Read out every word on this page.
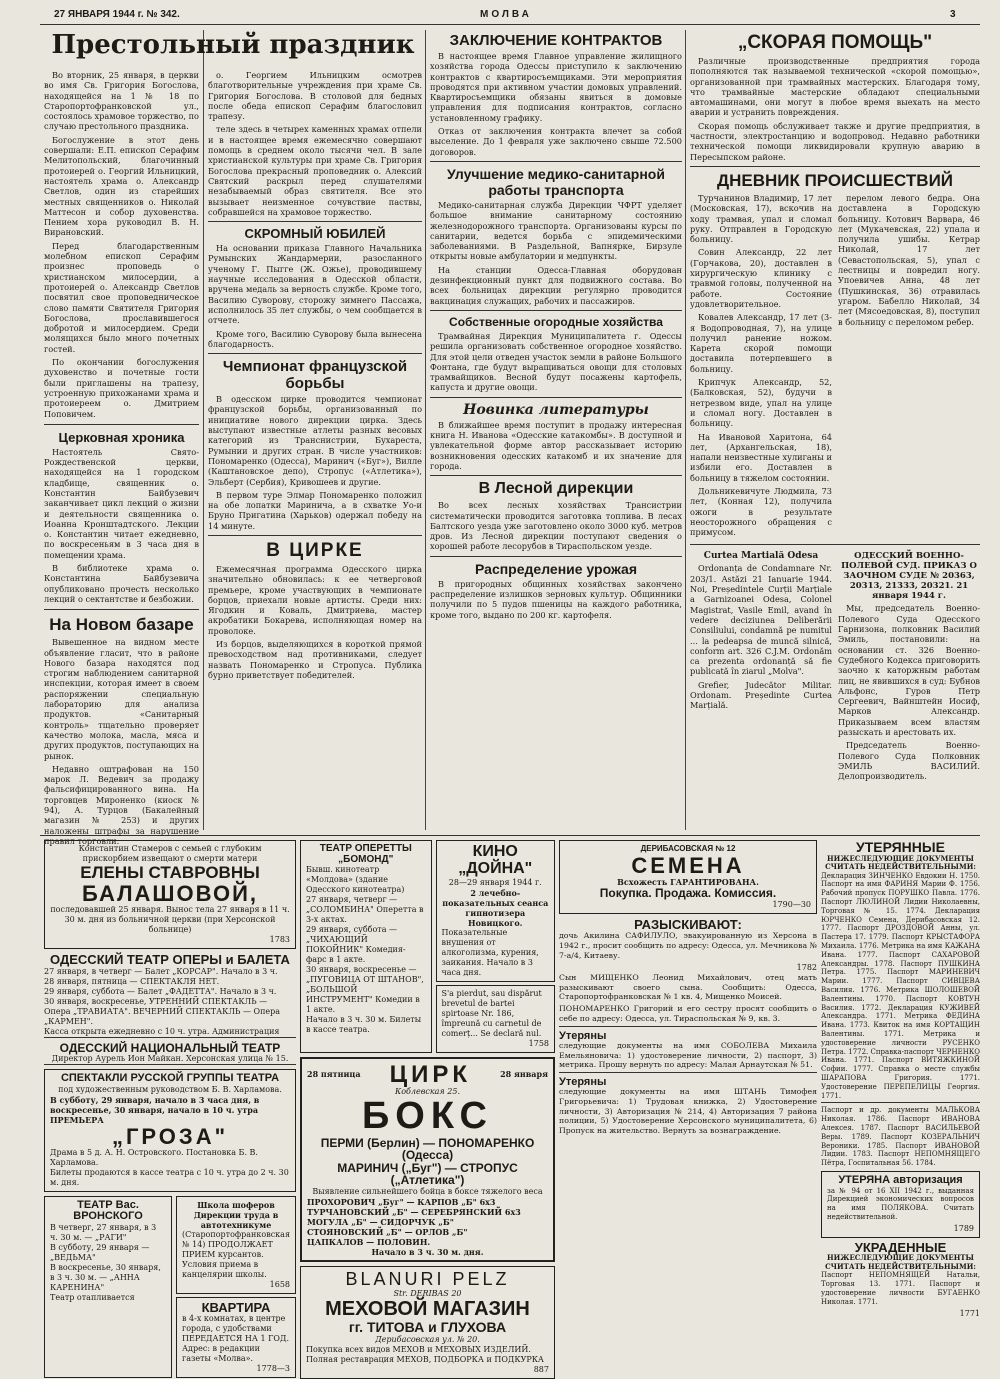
27 ЯНВАРЯ 1944 г. № 342.	МОЛВА	3
Престольный праздник

Во вторник, 25 января, в церкви во имя Св. Григория Богослова, находящейся на 1 № 18 по Старопортофранковской ул., состоялось храмовое торжество, по случаю престольного праздника.

Богослужение в этот день совершали: Е.П. епископ Серафим Мелитопольский, благочинный протоиерей о. Георгий Ильницкий, настоятель храма о. Александр Светлов, один из старейших местных священников о. Николай Маттесон и собор духовенства. Пением хора руководил В. Н. Вирановский.

Перед благодарственным молебном епископ Серафим произнес проповедь о христианском милосердии, а протоиерей о. Александр Светлов посвятил свое проповедническое слово памяти Святителя Григория Богослова, прославившегося добротой и милосердием. Среди молящихся было много почетных гостей.

По окончании богослужения духовенство и почетные гости были приглашены на трапезу, устроенную прихожанами храма и протоиереем о. Дмитрием Поповичем.

Церковная хроника

Настоятель Свято-Рождественской церкви, находящейся на 1 городском кладбище, священник о. Константин Байбузевич заканчивает цикл лекций о жизни и деятельности священника о. Иоанна Кронштадтского. Лекции о. Константин читает ежедневно, по воскресеньям в 3 часа дня в помещении храма.

В библиотеке храма о. Константина Байбузевича опубликовано прочесть несколько лекций о сектантстве и безбожии.

На Новом базаре

Вывешенное на видном месте объявление гласит, что в районе Нового базара находятся под строгим наблюдением санитарной инспекции, которая имеет в своем распоряжении специальную лабораторию для анализа продуктов. «Санитарный контроль» тщательно проверяет качество молока, масла, мяса и других продуктов, поступающих на рынок.

Недавно оштрафован на 150 марок Л. Ведевич за продажу фальсифицированного вина. На торговцев Мироненко (киоск № 94), А. Турцов (Бакалейный магазин № 253) и других наложены штрафы за нарушение правил торговли.

о. Георгием Ильницким осмотрев благотворительные учреждения при храме Св. Григория Богослова. В столовой для бедных после обеда епископ Серафим благословил трапезу.

теле здесь в четырех каменных храмах отпели и в настоящее время ежемесячно совершают помощь в среднем около тысячи чел. В зале христианской культуры при храме Св. Григория Богослова прекрасный проповедник о. Алексий Святский раскрыл перед слушателями незабываемый образ святителя. Все это вызывает неизменное сочувствие паствы, собравшейся на храмовое торжество.

СКРОМНЫЙ ЮБИЛЕЙ

На основании приказа Главного Начальника Румынских Жандармерии, разосланного ученому Г. Пыгге (Ж. Ожье), проводившему научные исследования в Одесской области, вручена медаль за верность службе. Кроме того, Василию Суворову, сторожу зимнего Пассажа, исполнилось 35 лет службы, о чем сообщается в отчете.

Кроме того, Василию Суворову была вынесена благодарность.

Чемпионат французской борьбы

В одесском цирке проводится чемпионат французской борьбы, организованный по инициативе нового дирекции цирка. Здесь выступают известные атлеты разных весовых категорий из Транснистрии, Бухареста, Румынии и других стран. В числе участников: Пономаренко (Одесса), Маринич («Буг»), Вилле (Каштановское депо), Стропус («Атлетика»), Эльберт (Сербия), Кривошеев и другие.

В первом туре Элмар Пономаренко положил на обе лопатки Маринича, а в схватке Уо-и Бруно Пригатина (Харьков) одержал победу на 14 минуте.

В ЦИРКЕ

Ежемесячная программа Одесского цирка значительно обновилась: к ее четверговой премьере, кроме участвующих в чемпионате борцов, приехали новые артисты. Среди них: Ягодкин и Коваль, Дмитриева, мастер акробатики Бокарева, исполняющая номер на проволоке.

Из борцов, выделяющихся в короткой прямой превосходством над противниками, следует назвать Пономаренко и Стропуса. Публика бурно приветствует победителей.

ЗАКЛЮЧЕНИЕ КОНТРАКТОВ

В настоящее время Главное управление жилищного хозяйства города Одессы приступило к заключению контрактов с квартиросъемщиками. Эти мероприятия проводятся при активном участии домовых управлений. Квартиросъемщики обязаны явиться в домовые управления для подписания контрактов, согласно установленному графику.

Отказ от заключения контракта влечет за собой выселение. До 1 февраля уже заключено свыше 72.500 договоров.

Улучшение медико-санитарной работы транспорта

Медико-санитарная служба Дирекции ЧФРТ уделяет большое внимание санитарному состоянию железнодорожного транспорта. Организованы курсы по санитарии, ведется борьба с эпидемическими заболеваниями. В Раздельной, Вапнярке, Бирзуле открыты новые амбулатории и медпункты.

На станции Одесса-Главная оборудован дезинфекционный пункт для подвижного состава. Во всех больницах дирекции регулярно проводится вакцинация служащих, рабочих и пассажиров.

Собственные огородные хозяйства

Трамвайная Дирекция Муниципалитета г. Одессы решила организовать собственное огородное хозяйство. Для этой цели отведен участок земли в районе Большого Фонтана, где будут выращиваться овощи для столовых трамвайщиков. Весной будут посажены картофель, капуста и другие овощи.

Новинка литературы

В ближайшее время поступит в продажу интересная книга Н. Иванова «Одесские катакомбы». В доступной и увлекательной форме автор рассказывает историю возникновения одесских катакомб и их значение для города.

В Лесной дирекции

Во всех лесных хозяйствах Трансистрии систематически проводится заготовка топлива. В лесах Балтского уезда уже заготовлено около 3000 куб. метров дров. Из Лесной дирекции поступают сведения о хорошей работе лесорубов в Тираспольском уезде.

Распределение урожая

В пригородных общинных хозяйствах закончено распределение излишков зерновых культур. Общинники получили по 5 пудов пшеницы на каждого работника, кроме того, выдано по 200 кг. картофеля.

„СКОРАЯ ПОМОЩЬ"

Различные производственные предприятия города пополняются так называемой технической «скорой помощью», организованной при трамвайных мастерских. Благодаря тому, что трамвайные мастерские обладают специальными автомашинами, они могут в любое время выехать на место аварии и устранить повреждения.

Скорая помощь обслуживает также и другие предприятия, в частности, электростанцию и водопровод. Недавно работники технической помощи ликвидировали крупную аварию в Пересыпском районе.

ДНЕВНИК ПРОИСШЕСТВИЙ

Турчанинов Владимир, 17 лет (Московская, 17), вскочив на ходу трамвая, упал и сломал руку. Отправлен в Городскую больницу.

Совин Александр, 22 лет (Горчакова, 20), доставлен в хирургическую клинику с травмой головы, полученной на работе. Состояние удовлетворительное.

Ковалев Александр, 17 лет (3-я Водопроводная, 7), на улице получил ранение ножом. Карета скорой помощи доставила потерпевшего в больницу.

Крипчук Александр, 52, (Балковская, 52), будучи в нетрезвом виде, упал на улице и сломал ногу. Доставлен в больницу.

На Ивановой Харитона, 64 лет, (Архангельская, 18), напали неизвестные хулиганы и избили его. Доставлен в больницу в тяжелом состоянии.

Дольникевичуте Людмила, 73 лет, (Конная 12), получила ожоги в результате неосторожного обращения с примусом.

перелом левого бедра. Она доставлена в Городскую больницу. Котович Варвара, 46 лет (Мукачевская, 22) упала и получила ушибы. Кетрар Николай, 17 лет (Севастопольская, 5), упал с лестницы и повредил ногу. Упоевичев Анна, 48 лет (Пушкинская, 36) отравилась угаром. Бабелло Николай, 34 лет (Мясоедовская, 8), поступил в больницу с переломом ребер.

Curtea Martială Odesa

Ordonanța de Condamnare Nr. 203/1. Astăzi 21 Ianuarie 1944. Noi, Președintele Curții Marțiale a Garnizoanei Odesa, Colonel Magistrat, Vasile Emil, avand în vedere deciziunea Deliberării Consiliului, condamnă pe numitul ... la pedeapsa de muncă silnică, conform art. 326 C.J.M. Ordonăm ca prezenta ordonanță să fie publicată în ziarul „Molva".

Grefier, Judecător Militar. Ordonam. Președinte Curtea Marțială.

ОДЕССКИЙ ВОЕННО-ПОЛЕВОЙ СУД. ПРИКАЗ О ЗАОЧНОМ СУДЕ № 20363, 20313, 21333, 20321. 21 января 1944 г.

Мы, председатель Военно-Полевого Суда Одесского Гарнизона, полковник Василий Эмиль, постановили: на основании ст. 326 Военно-Судебного Кодекса приговорить заочно к каторжным работам лиц, не явившихся в суд: Бубнов Альфонс, Гуров Петр Сергеевич, Вайнштейн Иосиф, Марков Александр. Приказываем всем властям разыскать и арестовать их.

Председатель Военно-Полевого Суда Полковник ЭМИЛЬ ВАСИЛИЙ. Делопроизводитель.

Константин Стамеров с семьей с глубоким прискорбием извещают о смерти матери

ЕЛЕНЫ СТАВРОВНЫ

БАЛАШОВОЙ,

последовавшей 25 января. Вынос тела 27 января в 11 ч. 30 м. дня из больничной церкви (при Херсонской больнице)

1783

ОДЕССКИЙ ТЕАТР ОПЕРЫ и БАЛЕТА

27 января, в четверг — Балет „КОРСАР". Начало в 3 ч.

28 января, пятница — СПЕКТАКЛЯ НЕТ.

29 января, суббота — Балет „ФАДЕТТА". Начало в 3 ч.

30 января, воскресенье, УТРЕННИЙ СПЕКТАКЛЬ — Опера „ТРАВИАТА". ВЕЧЕРНИЙ СПЕКТАКЛЬ — Опера „КАРМЕН".

Касса открыта ежедневно с 10 ч. утра. Администрация

ОДЕССКИЙ НАЦИОНАЛЬНЫЙ ТЕАТР

Директор Аурель Ион Майкан. Херсонская улица № 15.

СПЕКТАКЛИ РУССКОЙ ГРУППЫ ТЕАТРА

под художественным руководством Б. В. Харламова.

В субботу, 29 января, начало в 3 часа дня, в воскресенье, 30 января, начало в 10 ч. утра ПРЕМЬЕРА

„ГРОЗА"

Драма в 5 д. А. Н. Островского. Постановка Б. В. Харламова.

Билеты продаются в кассе театра с 10 ч. утра до 2 ч. 30 м. дня.

ТЕАТР Вас. ВРОНСКОГО

В четверг, 27 января, в 3 ч. 30 м. — „РАГИ"

В субботу, 29 января — „ВЕДЬМА"

В воскресенье, 30 января, в 3 ч. 30 м. — „АННА КАРЕНИНА"

Театр отапливается

Школа шоферов Дирекции труда в автотехникуме

(Старопортофранковская № 14) ПРОДОЛЖАЕТ ПРИЕМ курсантов. Условия приема в канцелярии школы.

1658

КВАРТИРА

в 4-х комнатах, в центре города, с удобствами ПЕРЕДАЕТСЯ НА 1 ГОД. Адрес: в редакции газеты «Молва».

1778—3

ТЕАТР ОПЕРЕТТЫ „БОМОНД"

Бывш. кинотеатр «Молдова» (здание Одесского кинотеатра)

27 января, четверг — „СОЛОМБИНА" Оперетта в 3-х актах.

29 января, суббота — „ЧИХАЮЩИЙ ПОКОЙНИК" Комедия-фарс в 1 акте.

30 января, воскресенье — „ПУГОВИЦА ОТ ШТАНОВ", „БОЛЬШОЙ ИНСТРУМЕНТ" Комедии в 1 акте.

Начало в 3 ч. 30 м. Билеты в кассе театра.

КИНО „ДОЙНА"

28—29 января 1944 г.

2 лечебно-показательных сеанса гипнотизера Новицкого.

Показательные внушения от алкоголизма, курения, заикания. Начало в 3 часа дня.

S'a pierdut, sau dispărut brevetul de bartei spirtoase Nr. 186, împreună cu carnetul de comerț... Se declară nul.

1758

28 пятница ЦИРК	28 января

Коблевская 25.

БОКС

ПЕРМИ (Берлин) — ПОНОМАРЕНКО (Одесса)

МАРИНИЧ („Буг") — СТРОПУС („Атлетика")

Выявление сильнейшего бойца в боксе тяжелого веса

ПРОХОРОВИЧ „Буг" — КАРПОВ „Б" 6х3

ТУРЧАНОВСКИЙ „Б" — СЕРЕБРЯНСКИЙ 6х3

МОГУЛА „Б" — СИДОРЧУК „Б"

СТОЯНОВСКИЙ „Б" — ОРЛОВ „Б"

ЦАПКАЛОВ — ПОЛОВИН.

Начало в 3 ч. 30 м. дня.

BLANURI PELZ

Str. DERIBAS 20

МЕХОВОЙ МАГАЗИН

гг. ТИТОВА и ГЛУХОВА

Дерибасовская ул. № 20.

Покупка всех видов МЕХОВ и МЕХОВЫХ ИЗДЕЛИЙ. Полная реставрация МЕХОВ, ПОДБОРКА и ПОДКУРКА

887

ДЕРИБАСОВСКАЯ № 12

СЕМЕНА

Всхожесть ГАРАНТИРОВАНА.

Покупка. Продажа. Комиссия.

1790—30

РАЗЫСКИВАЮТ:

дочь Акилина САФИЛУЛО, эвакуированную из Херсона в 1942 г., просит сообщить по адресу: Одесса, ул. Мечникова № 7-а/4, Китаеву.

1782

Сын МИЩЕНКО Леонид Михайлович, отец мать разыскивают своего сына. Сообщить: Одесса, Старопортофранковская № 1 кв. 4, Мищенко Моисей.

ПОНОМАРЕНКО Григорий и его сестру просят сообщить о себе по адресу: Одесса, ул. Тираспольская № 9, кв. 3.

Утеряны

следующие документы на имя СОБОЛЕВА Михаила Емельяновича: 1) удостоверение личности, 2) паспорт, 3) метрика. Прошу вернуть по адресу: Малая Арнаутская № 51.

Утеряны

следующие документы на имя ШТАНЬ Тимофея Григорьевича: 1) Трудовая книжка, 2) Удостоверение личности, 3) Авторизация № 214, 4) Авторизация 7 района полиции, 5) Удостоверение Херсонского муниципалитета, 6) Пропуск на жительство. Вернуть за вознаграждение.

УТЕРЯННЫЕ

НИЖЕСЛЕДУЮЩИЕ ДОКУМЕНТЫ СЧИТАТЬ НЕДЕЙСТВИТЕЛЬНЫМИ:

Декларация ЗИНЧЕНКО Евдокии Н. 1750. Паспорт на имя ФАРИНЯ Марии Ф. 1756. Рабочий пропуск ПОРУШКО Павла. 1776. Паспорт ЛЮЛИНОЙ Лидии Николаевны, Торговая № 15. 1774. Декларация ЮРЧЕНКО Семена, Дерибасовская 12. 1777. Паспорт ДРОЗДОВОЙ Анны, ул. Пастера 17. 1779. Паспорт КРЫСТАФОРА Михаила. 1776. Метрика на имя КАЖАНА Ивана. 1777. Паспорт САХАРОВОЙ Александры. 1778. Паспорт ПУШКИНА Петра. 1775. Паспорт МАРИНЕВИЧ Марии. 1777. Паспорт СИВЦЕВА Василия. 1776. Метрика ШОЛОШЕВОЙ Валентины. 1770. Паспорт КОВТУН Василия. 1772. Декларация КУЖИВЕЙ Александра. 1771. Метрика ФЕДИНА Ивана. 1773. Квиток на имя КОРТАЩИН Валентины. 1771. Метрика и удостоверение личности РУСЕНКО Петра. 1772. Справка-паспорт ЧЕРНЕНКО Ивана. 1771. Паспорт ВИТЯЖКИНОЙ Софии. 1777. Справка о месте службы ШАРАПОВА Григория. 1771. Удостоверение ПЕРЕПЕЛИЦЫ Георгия. 1771.

Паспорт и др. документы МАЛЬКОВА Николая. 1786. Паспорт ИВАНОВА Алексея. 1787. Паспорт ВАСИЛЬЕВОЙ Веры. 1789. Паспорт КОЗЕРАЛЬНИЧ Вероники. 1785. Паспорт ИВАНОВОЙ Лидии. 1783. Паспорт НЕПОМНЯЩЕГО Пётра, Госпитальная 56. 1784.

УТЕРЯНА авторизация

за № 94 от 16 XII 1942 г., выданная Дирекцией экономических вопросов на имя ПОЛЯКОВА. Считать недействительной.

1789

УКРАДЕННЫЕ

НИЖЕСЛЕДУЮЩИЕ ДОКУМЕНТЫ СЧИТАТЬ НЕДЕЙСТВИТЕЛЬНЫМИ:

Паспорт НЕПОМНЯЩЕЙ Натальи, Торговая 13. 1771. Паспорт и удостоверение личности БУГАЕНКО Николая. 1771.

1771
